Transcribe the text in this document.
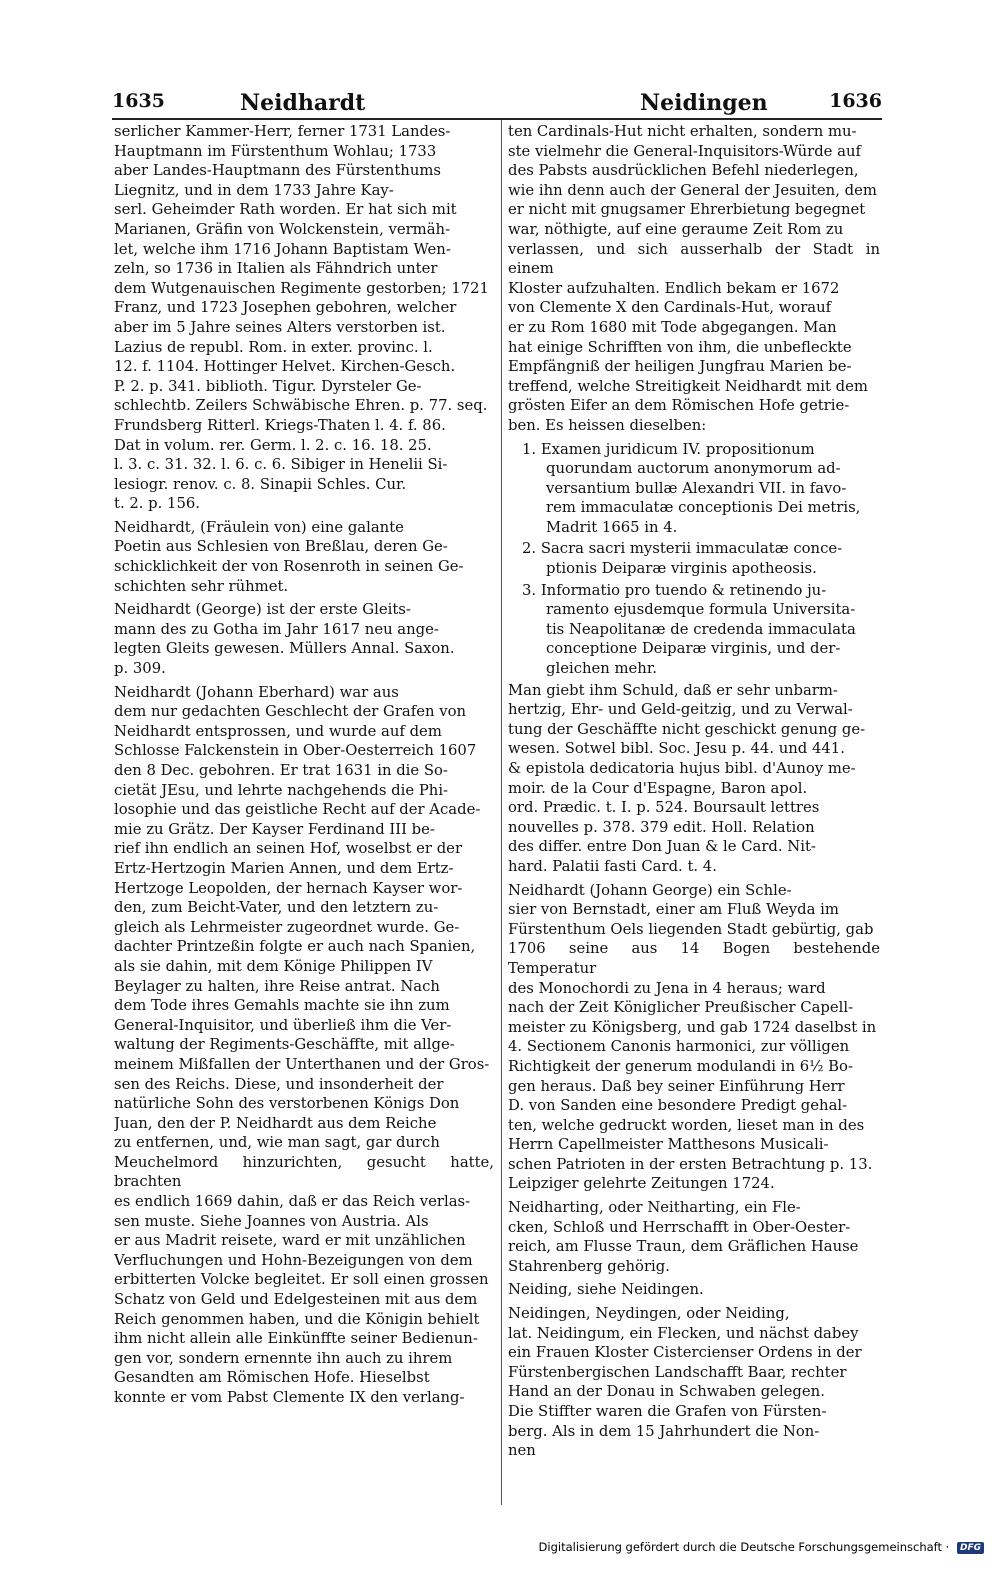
1635	Neidhardt	Neidingen	1636

serlicher Kammer-Herr, ferner 1731 Landes-
Hauptmann im Fürstenthum Wohlau; 1733
aber Landes-Hauptmann des Fürstenthums
Liegnitz, und in dem 1733 Jahre Kay-
serl. Geheimder Rath worden. Er hat sich mit
Marianen, Gräfin von Wolckenstein, vermäh-
let, welche ihm 1716 Johann Baptistam Wen-
zeln, so 1736 in Italien als Fähndrich unter
dem Wutgenauischen Regimente gestorben; 1721
Franz, und 1723 Josephen gebohren, welcher
aber im 5 Jahre seines Alters verstorben ist.
Lazius de republ. Rom. in exter. provinc. l.
12. f. 1104. Hottinger Helvet. Kirchen-Gesch.
P. 2. p. 341. biblioth. Tigur. Dyrsteler Ge-
schlechtb. Zeilers Schwäbische Ehren. p. 77. seq.
Frundsberg Ritterl. Kriegs-Thaten l. 4. f. 86.
Dat in volum. rer. Germ. l. 2. c. 16. 18. 25.
l. 3. c. 31. 32. l. 6. c. 6. Sibiger in Henelii Si-
lesiogr. renov. c. 8. Sinapii Schles. Cur.
t. 2. p. 156.

Neidhardt, (Fräulein von) eine galante
Poetin aus Schlesien von Breßlau, deren Ge-
schicklichkeit der von Rosenroth in seinen Ge-
schichten sehr rühmet.

Neidhardt (George) ist der erste Gleits-
mann des zu Gotha im Jahr 1617 neu ange-
legten Gleits gewesen. Müllers Annal. Saxon.
p. 309.

Neidhardt (Johann Eberhard) war aus
dem nur gedachten Geschlecht der Grafen von
Neidhardt entsprossen, und wurde auf dem
Schlosse Falckenstein in Ober-Oesterreich 1607
den 8 Dec. gebohren. Er trat 1631 in die So-
cietät JEsu, und lehrte nachgehends die Phi-
losophie und das geistliche Recht auf der Acade-
mie zu Grätz. Der Kayser Ferdinand III be-
rief ihn endlich an seinen Hof, woselbst er der
Ertz-Hertzogin Marien Annen, und dem Ertz-
Hertzoge Leopolden, der hernach Kayser wor-
den, zum Beicht-Vater, und den letztern zu-
gleich als Lehrmeister zugeordnet wurde. Ge-
dachter Printzeßin folgte er auch nach Spanien,
als sie dahin, mit dem Könige Philippen IV
Beylager zu halten, ihre Reise antrat. Nach
dem Tode ihres Gemahls machte sie ihn zum
General-Inquisitor, und überließ ihm die Ver-
waltung der Regiments-Geschäffte, mit allge-
meinem Mißfallen der Unterthanen und der Gros-
sen des Reichs. Diese, und insonderheit der
natürliche Sohn des verstorbenen Königs Don
Juan, den der P. Neidhardt aus dem Reiche
zu entfernen, und, wie man sagt, gar durch
Meuchelmord hinzurichten, gesucht hatte, brachten
es endlich 1669 dahin, daß er das Reich verlas-
sen muste. Siehe Joannes von Austria. Als
er aus Madrit reisete, ward er mit unzählichen
Verfluchungen und Hohn-Bezeigungen von dem
erbitterten Volcke begleitet. Er soll einen grossen
Schatz von Geld und Edelgesteinen mit aus dem
Reich genommen haben, und die Königin behielt
ihm nicht allein alle Einkünffte seiner Bedienun-
gen vor, sondern ernennte ihn auch zu ihrem
Gesandten am Römischen Hofe. Hieselbst
konnte er vom Pabst Clemente IX den verlang-

ten Cardinals-Hut nicht erhalten, sondern mu-
ste vielmehr die General-Inquisitors-Würde auf
des Pabsts ausdrücklichen Befehl niederlegen,
wie ihn denn auch der General der Jesuiten, dem
er nicht mit gnugsamer Ehrerbietung begegnet
war, nöthigte, auf eine geraume Zeit Rom zu
verlassen, und sich ausserhalb der Stadt in einem
Kloster aufzuhalten. Endlich bekam er 1672
von Clemente X den Cardinals-Hut, worauf
er zu Rom 1680 mit Tode abgegangen. Man
hat einige Schrifften von ihm, die unbefleckte
Empfängniß der heiligen Jungfrau Marien be-
treffend, welche Streitigkeit Neidhardt mit dem
grösten Eifer an dem Römischen Hofe getrie-
ben. Es heissen dieselben:

1. Examen juridicum IV. propositionum
quorundam auctorum anonymorum ad-
versantium bullæ Alexandri VII. in favo-
rem immaculatæ conceptionis Dei metris,
Madrit 1665 in 4.

2. Sacra sacri mysterii immaculatæ conce-
ptionis Deiparæ virginis apotheosis.

3. Informatio pro tuendo & retinendo ju-
ramento ejusdemque formula Universita-
tis Neapolitanæ de credenda immaculata
conceptione Deiparæ virginis, und der-
gleichen mehr.

Man giebt ihm Schuld, daß er sehr unbarm-
hertzig, Ehr- und Geld-geitzig, und zu Verwal-
tung der Geschäffte nicht geschickt genung ge-
wesen. Sotwel bibl. Soc. Jesu p. 44. und 441.
& epistola dedicatoria hujus bibl. d'Aunoy me-
moir. de la Cour d'Espagne, Baron apol.
ord. Prædic. t. I. p. 524. Boursault lettres
nouvelles p. 378. 379 edit. Holl. Relation
des differ. entre Don Juan & le Card. Nit-
hard. Palatii fasti Card. t. 4.

Neidhardt (Johann George) ein Schle-
sier von Bernstadt, einer am Fluß Weyda im
Fürstenthum Oels liegenden Stadt gebürtig, gab
1706 seine aus 14 Bogen bestehende Temperatur
des Monochordi zu Jena in 4 heraus; ward
nach der Zeit Königlicher Preußischer Capell-
meister zu Königsberg, und gab 1724 daselbst in
4. Sectionem Canonis harmonici, zur völligen
Richtigkeit der generum modulandi in 6½ Bo-
gen heraus. Daß bey seiner Einführung Herr
D. von Sanden eine besondere Predigt gehal-
ten, welche gedruckt worden, lieset man in des
Herrn Capellmeister Matthesons Musicali-
schen Patrioten in der ersten Betrachtung p. 13.
Leipziger gelehrte Zeitungen 1724.

Neidharting, oder Neitharting, ein Fle-
cken, Schloß und Herrschafft in Ober-Oester-
reich, am Flusse Traun, dem Gräflichen Hause
Stahrenberg gehörig.

Neiding, siehe Neidingen.

Neidingen, Neydingen, oder Neiding,
lat. Neidingum, ein Flecken, und nächst dabey
ein Frauen Kloster Cistercienser Ordens in der
Fürstenbergischen Landschafft Baar, rechter
Hand an der Donau in Schwaben gelegen.
Die Stiffter waren die Grafen von Fürsten-
berg. Als in dem 15 Jahrhundert die Non-
nen

Digitalisierung gefördert durch die Deutsche Forschungsgemeinschaft · DFG
